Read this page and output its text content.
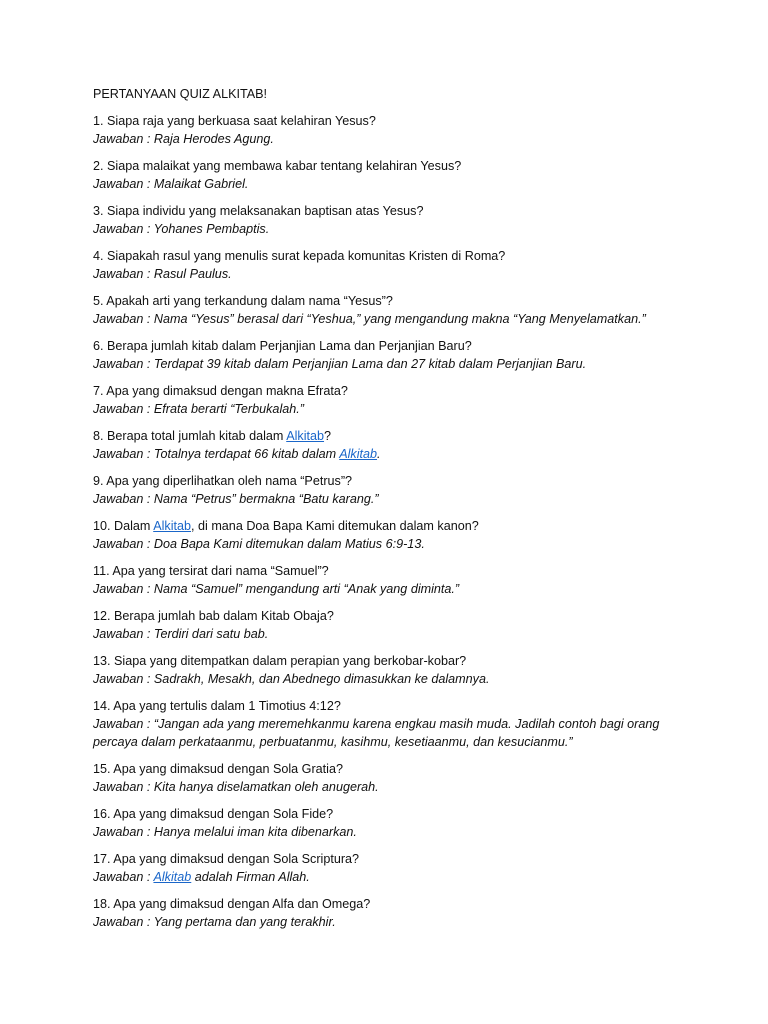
PERTANYAAN QUIZ ALKITAB!
1. Siapa raja yang berkuasa saat kelahiran Yesus?
Jawaban : Raja Herodes Agung.
2. Siapa malaikat yang membawa kabar tentang kelahiran Yesus?
Jawaban : Malaikat Gabriel.
3. Siapa individu yang melaksanakan baptisan atas Yesus?
Jawaban : Yohanes Pembaptis.
4. Siapakah rasul yang menulis surat kepada komunitas Kristen di Roma?
Jawaban : Rasul Paulus.
5. Apakah arti yang terkandung dalam nama “Yesus”?
Jawaban : Nama “Yesus” berasal dari “Yeshua,” yang mengandung makna “Yang Menyelamatkan.”
6. Berapa jumlah kitab dalam Perjanjian Lama dan Perjanjian Baru?
Jawaban : Terdapat 39 kitab dalam Perjanjian Lama dan 27 kitab dalam Perjanjian Baru.
7. Apa yang dimaksud dengan makna Efrata?
Jawaban : Efrata berarti “Terbukalah.”
8. Berapa total jumlah kitab dalam Alkitab?
Jawaban : Totalnya terdapat 66 kitab dalam Alkitab.
9. Apa yang diperlihatkan oleh nama “Petrus”?
Jawaban : Nama “Petrus” bermakna “Batu karang.”
10. Dalam Alkitab, di mana Doa Bapa Kami ditemukan dalam kanon?
Jawaban : Doa Bapa Kami ditemukan dalam Matius 6:9-13.
11. Apa yang tersirat dari nama “Samuel”?
Jawaban : Nama “Samuel” mengandung arti “Anak yang diminta.”
12. Berapa jumlah bab dalam Kitab Obaja?
Jawaban : Terdiri dari satu bab.
13. Siapa yang ditempatkan dalam perapian yang berkobar-kobar?
Jawaban : Sadrakh, Mesakh, dan Abednego dimasukkan ke dalamnya.
14. Apa yang tertulis dalam 1 Timotius 4:12?
Jawaban : “Jangan ada yang meremehkanmu karena engkau masih muda. Jadilah contoh bagi orang percaya dalam perkataanmu, perbuatanmu, kasihmu, kesetiaanmu, dan kesucianmu.”
15. Apa yang dimaksud dengan Sola Gratia?
Jawaban : Kita hanya diselamatkan oleh anugerah.
16. Apa yang dimaksud dengan Sola Fide?
Jawaban : Hanya melalui iman kita dibenarkan.
17. Apa yang dimaksud dengan Sola Scriptura?
Jawaban : Alkitab adalah Firman Allah.
18. Apa yang dimaksud dengan Alfa dan Omega?
Jawaban : Yang pertama dan yang terakhir.
